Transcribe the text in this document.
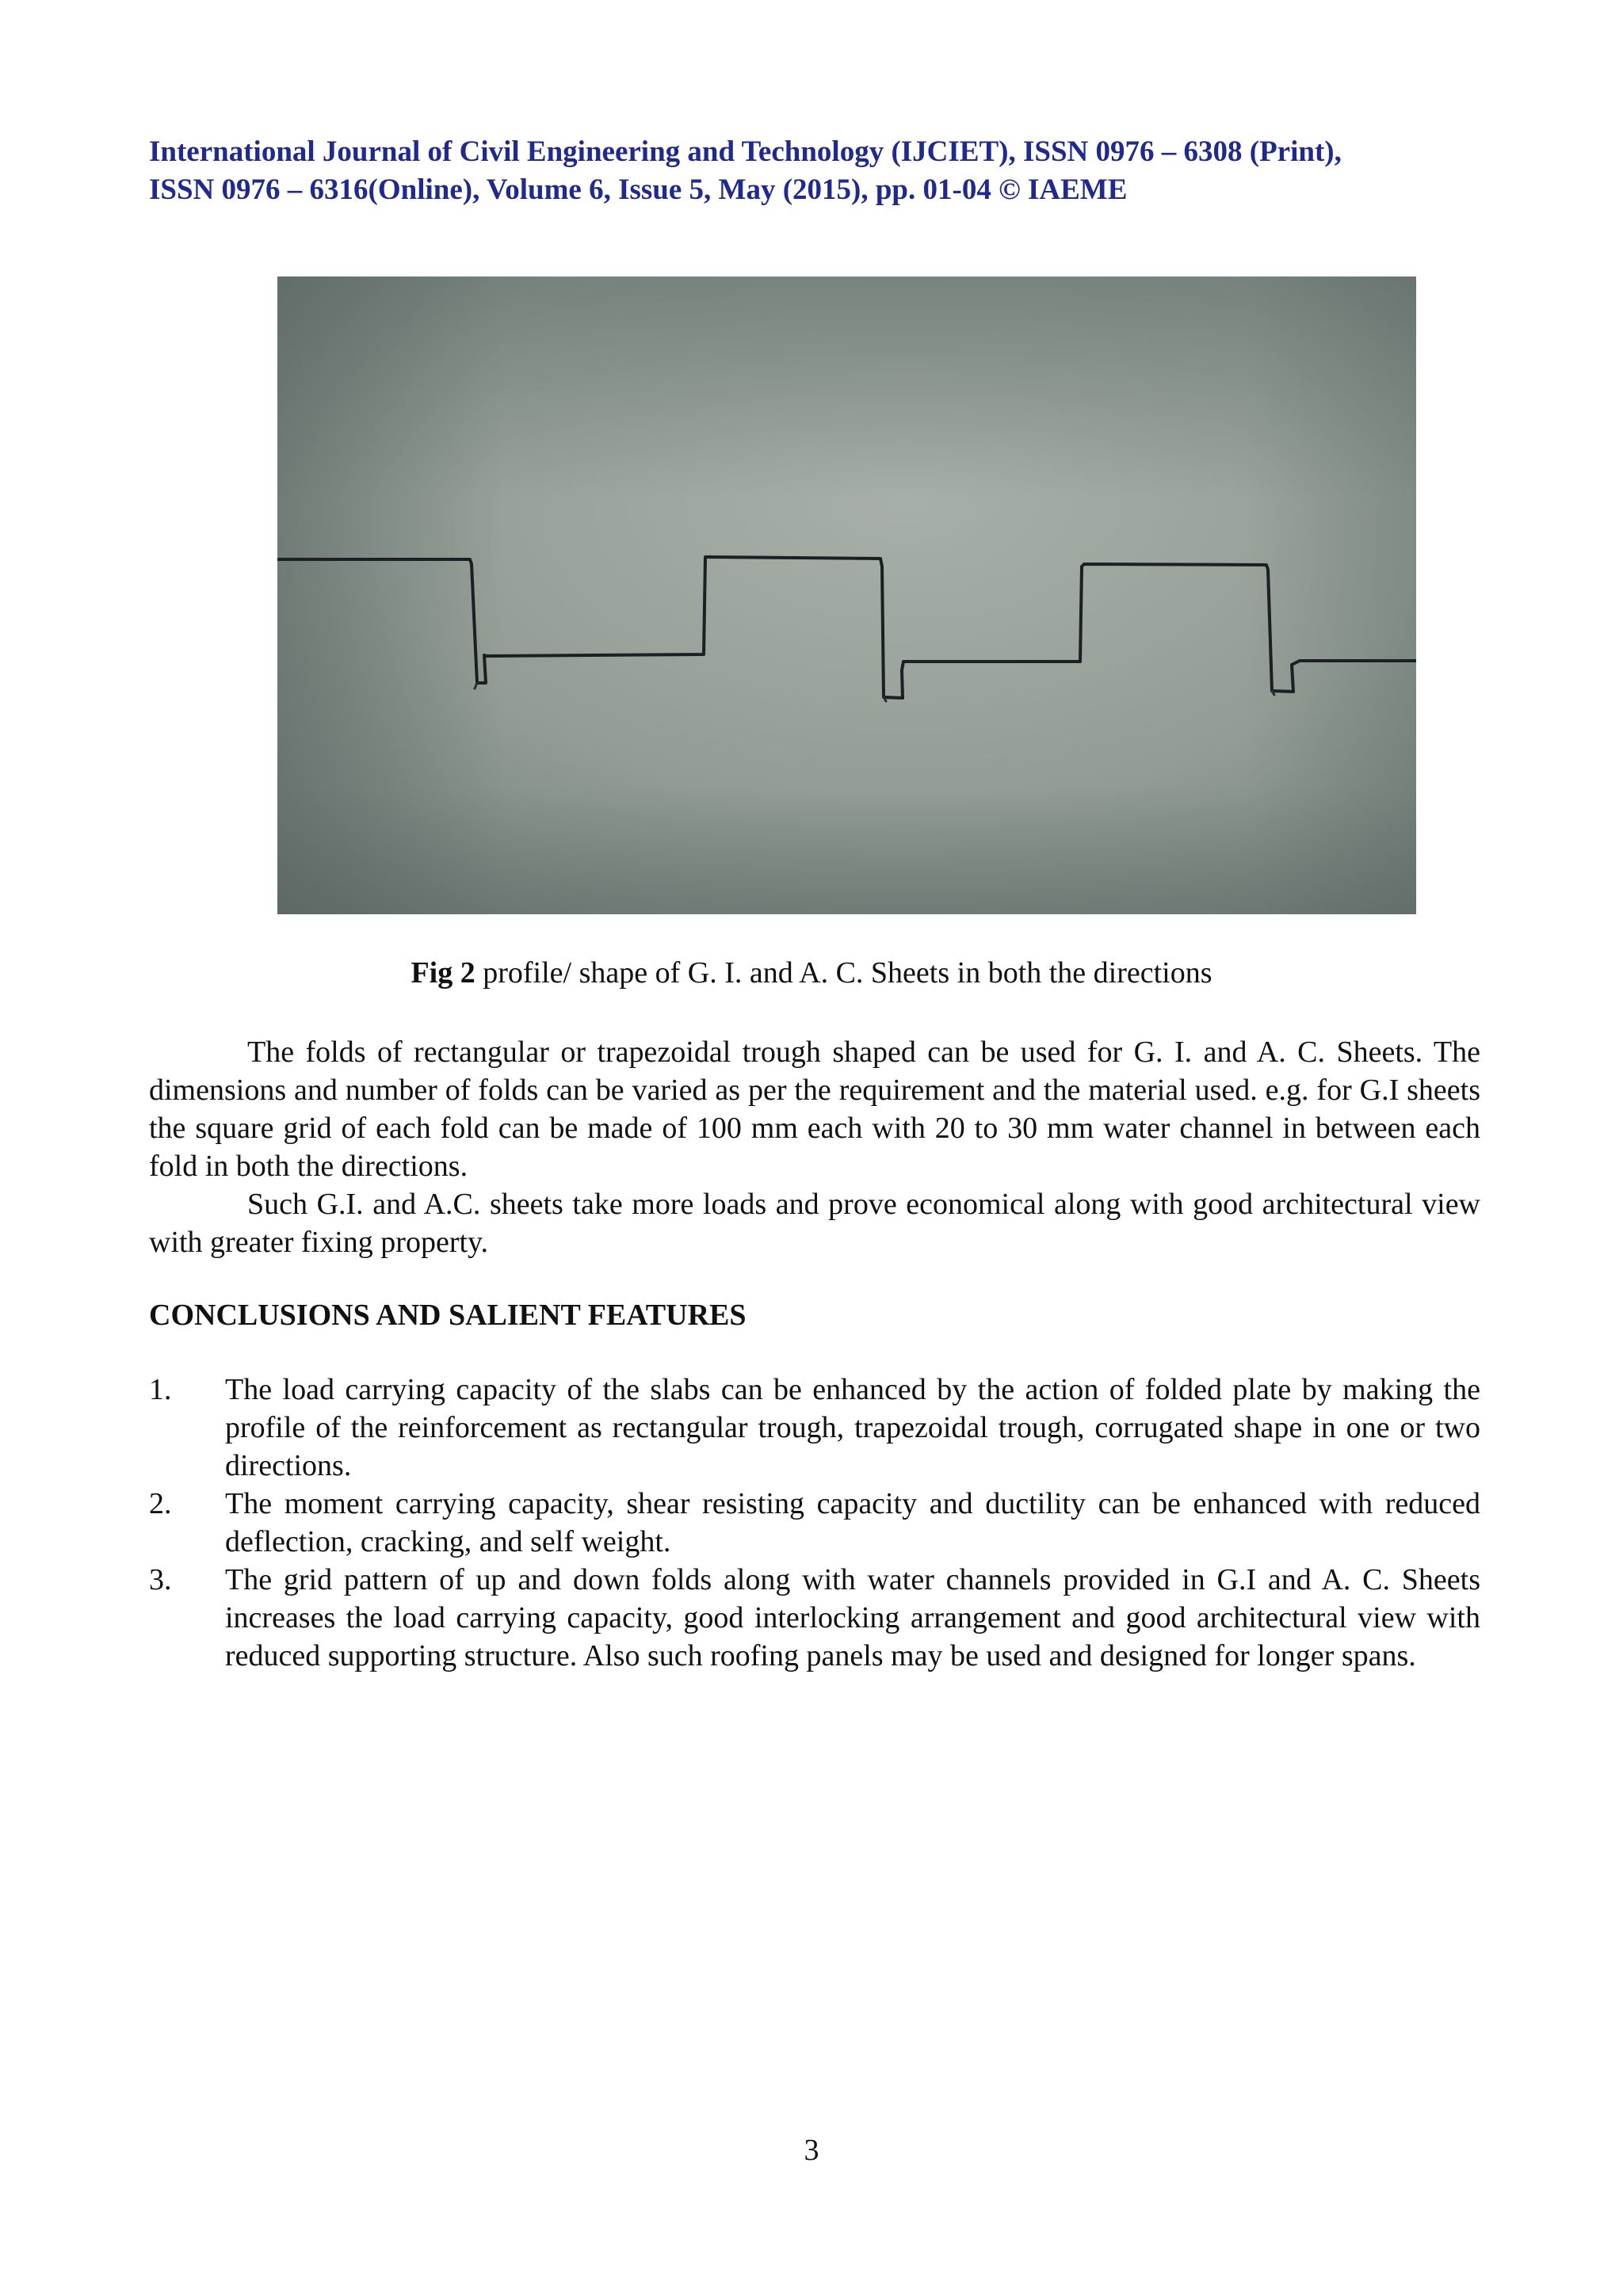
International Journal of Civil Engineering and Technology (IJCIET), ISSN 0976 – 6308 (Print),
ISSN 0976 – 6316(Online), Volume 6, Issue 5, May (2015), pp. 01-04 © IAEME
Fig 2 profile/ shape of G. I. and A. C. Sheets in both the directions
The folds of rectangular or trapezoidal trough shaped can be used for G. I. and A. C. Sheets. The dimensions and number of folds can be varied as per the requirement and the material used. e.g. for G.I sheets the square grid of each fold can be made of 100 mm each with 20 to 30 mm water channel in between each fold in both the directions.
Such G.I. and A.C. sheets take more loads and prove economical along with good architectural view with greater fixing property.
CONCLUSIONS AND SALIENT FEATURES
1. The load carrying capacity of the slabs can be enhanced by the action of folded plate by making the profile of the reinforcement as rectangular trough, trapezoidal trough, corrugated shape in one or two directions.
2. The moment carrying capacity, shear resisting capacity and ductility can be enhanced with reduced deflection, cracking, and self weight.
3. The grid pattern of up and down folds along with water channels provided in G.I and A. C. Sheets increases the load carrying capacity, good interlocking arrangement and good architectural view with reduced supporting structure. Also such roofing panels may be used and designed for longer spans.
3
